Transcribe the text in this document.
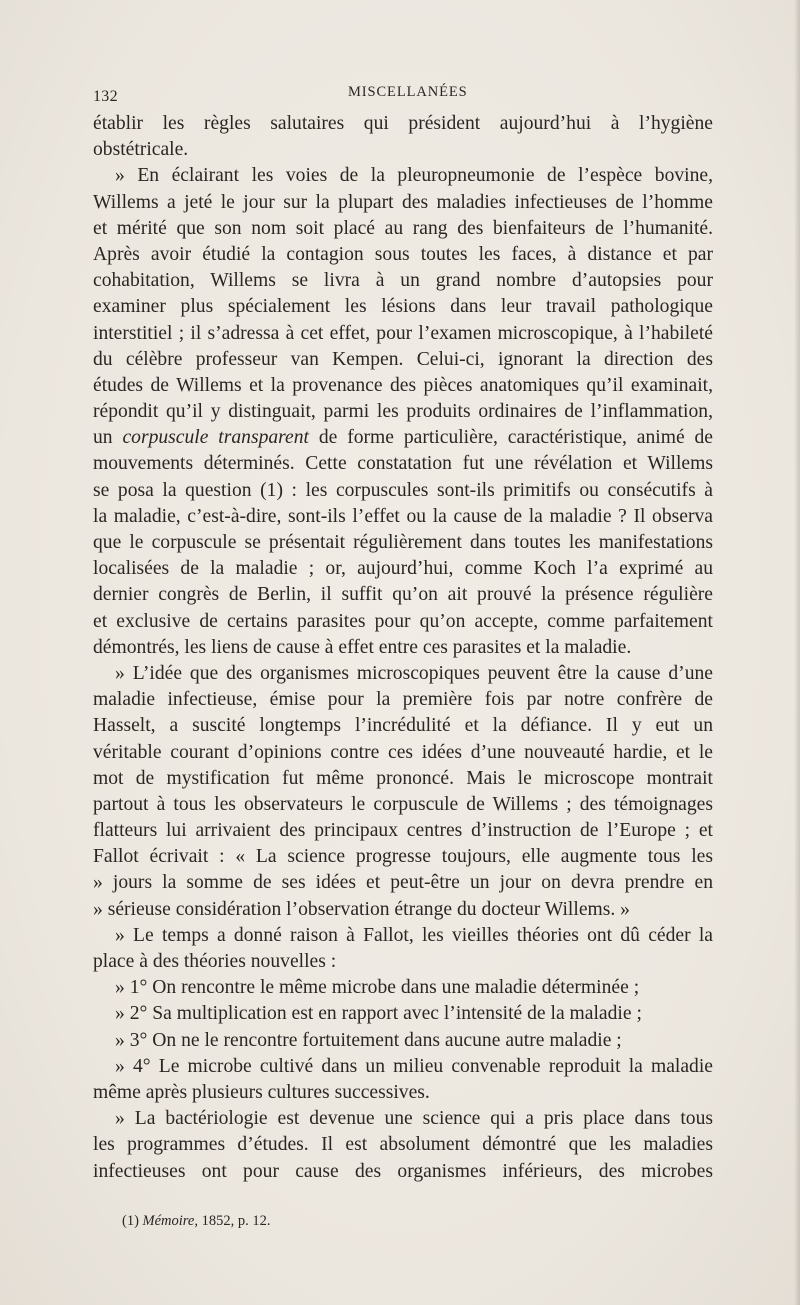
132	MISCELLANÉES
établir les règles salutaires qui président aujourd’hui à l’hygiène
obstétricale.
» En éclairant les voies de la pleuropneumonie de l’espèce bovine,
Willems a jeté le jour sur la plupart des maladies infectieuses de l’homme
et mérité que son nom soit placé au rang des bienfaiteurs de l’humanité.
Après avoir étudié la contagion sous toutes les faces, à distance et par
cohabitation, Willems se livra à un grand nombre d’autopsies pour
examiner plus spécialement les lésions dans leur travail pathologique
interstitiel ; il s’adressa à cet effet, pour l’examen microscopique, à l’habileté
du célèbre professeur van Kempen. Celui-ci, ignorant la direction des
études de Willems et la provenance des pièces anatomiques qu’il examinait,
répondit qu’il y distinguait, parmi les produits ordinaires de l’inflammation,
un corpuscule transparent de forme particulière, caractéristique, animé de
mouvements déterminés. Cette constatation fut une révélation et Willems
se posa la question (1) : les corpuscules sont-ils primitifs ou consécutifs à
la maladie, c’est-à-dire, sont-ils l’effet ou la cause de la maladie ? Il observa
que le corpuscule se présentait régulièrement dans toutes les manifestations
localisées de la maladie ; or, aujourd’hui, comme Koch l’a exprimé au
dernier congrès de Berlin, il suffit qu’on ait prouvé la présence régulière
et exclusive de certains parasites pour qu’on accepte, comme parfaitement
démontrés, les liens de cause à effet entre ces parasites et la maladie.
» L’idée que des organismes microscopiques peuvent être la cause d’une
maladie infectieuse, émise pour la première fois par notre confrère de
Hasselt, a suscité longtemps l’incrédulité et la défiance. Il y eut un
véritable courant d’opinions contre ces idées d’une nouveauté hardie, et le
mot de mystification fut même prononcé. Mais le microscope montrait
partout à tous les observateurs le corpuscule de Willems ; des témoignages
flatteurs lui arrivaient des principaux centres d’instruction de l’Europe ; et
Fallot écrivait : « La science progresse toujours, elle augmente tous les
» jours la somme de ses idées et peut-être un jour on devra prendre en
» sérieuse considération l’observation étrange du docteur Willems. »
» Le temps a donné raison à Fallot, les vieilles théories ont dû céder la
place à des théories nouvelles :
» 1° On rencontre le même microbe dans une maladie déterminée ;
» 2° Sa multiplication est en rapport avec l’intensité de la maladie ;
» 3° On ne le rencontre fortuitement dans aucune autre maladie ;
» 4° Le microbe cultivé dans un milieu convenable reproduit la maladie
même après plusieurs cultures successives.
» La bactériologie est devenue une science qui a pris place dans tous
les programmes d’études. Il est absolument démontré que les maladies
infectieuses ont pour cause des organismes inférieurs, des microbes
(1) Mémoire, 1852, p. 12.
